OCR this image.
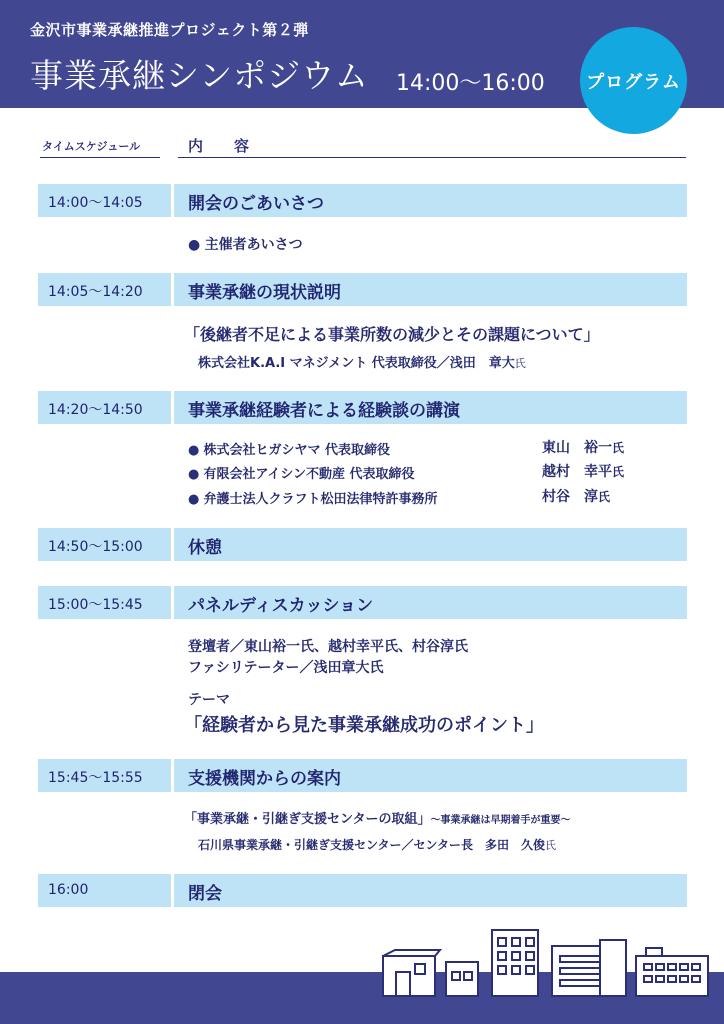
金沢市事業承継推進プロジェクト第２弾
事業承継シンポジウム 14:00〜16:00	プログラム
タイムスケジュール	内　容
14:00〜14:05	開会のごあいさつ
● 主催者あいさつ
14:05〜14:20	事業承継の現状説明
「後継者不足による事業所数の減少とその課題について」
株式会社K.A.I マネジメント 代表取締役／浅田　章大氏
14:20〜14:50	事業承継経験者による経験談の講演
● 株式会社ヒガシヤマ 代表取締役	東山　裕一氏
● 有限会社アイシン不動産 代表取締役	越村　幸平氏
● 弁護士法人クラフト松田法律特許事務所	村谷　淳氏
14:50〜15:00	休憩
15:00〜15:45	パネルディスカッション
登壇者／東山裕一氏、越村幸平氏、村谷淳氏
ファシリテーター／浅田章大氏
テーマ
「経験者から見た事業承継成功のポイント」
15:45〜15:55	支援機関からの案内
「事業承継・引継ぎ支援センターの取組」〜事業承継は早期着手が重要〜
石川県事業承継・引継ぎ支援センター／センター長　多田　久俊氏
16:00	閉会
